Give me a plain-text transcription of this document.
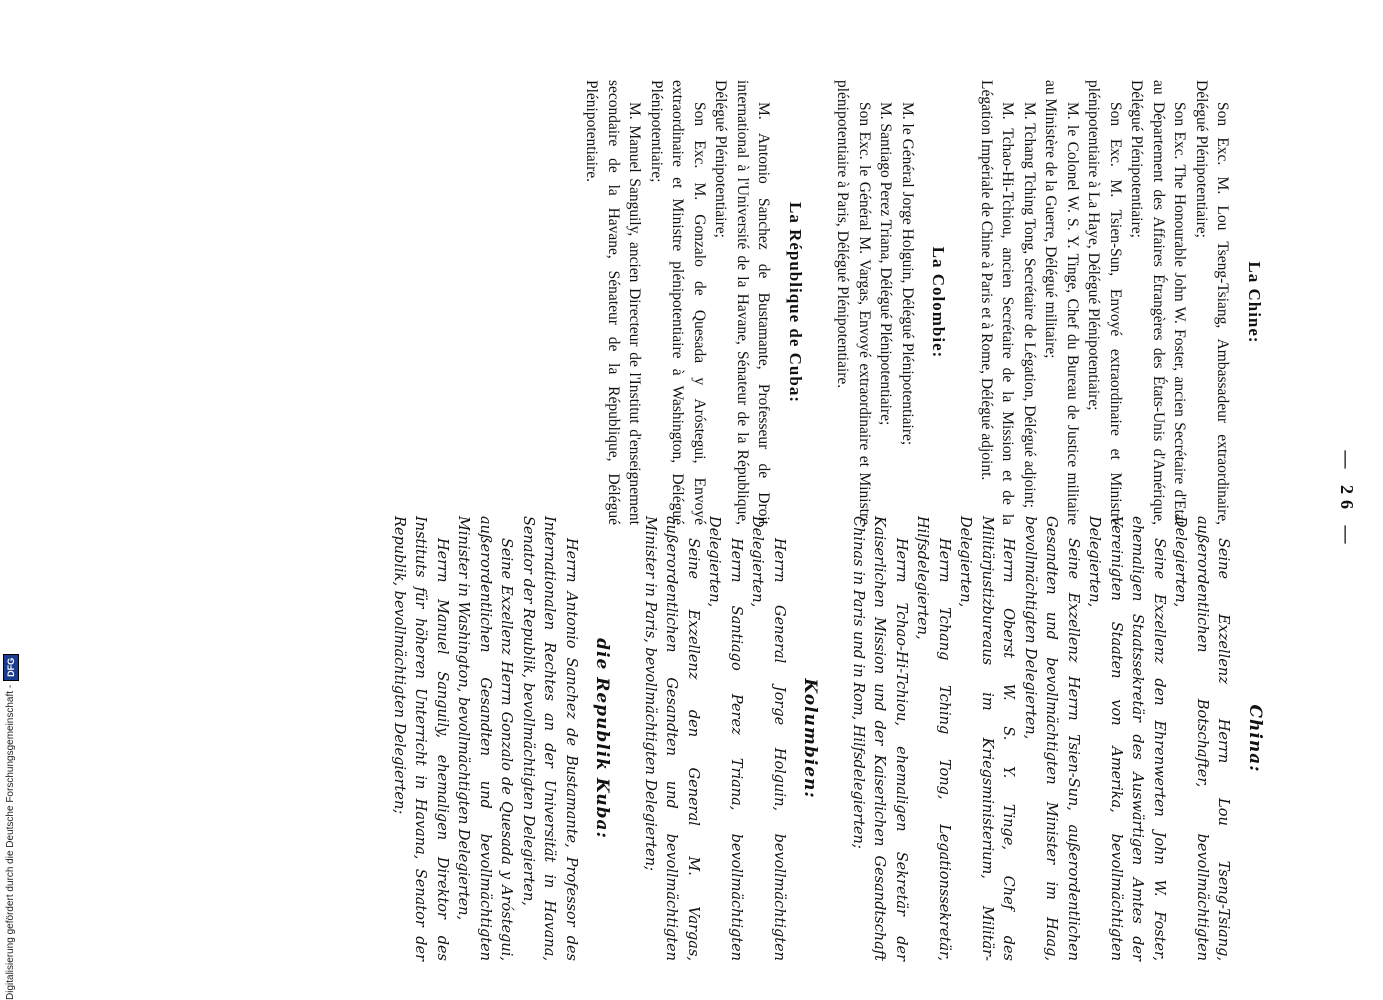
— 26 —
La Chine:

Son Exc. M. Lou Tseng-Tsiang, Ambassadeur extraordinaire, Délégué Plénipotentiaire;

Son Exc. The Honourable John W. Foster, ancien Secrétaire d'Etat au Département des Affaires Étrangères des États-Unis d'Amérique, Délégué Plénipotentiaire;

Son Exc. M. Tsien-Sun, Envoyé extraordinaire et Ministre plénipotentiaire à La Haye, Délégué Plénipotentiaire;

M. le Colonel W. S. Y. Tinge, Chef du Bureau de Justice militaire au Ministère de la Guerre, Délégué militaire;

M. Tchang Tching Tong, Secrétaire de Légation, Délégué adjoint;

M. Tchao-Hi-Tchiou, ancien Secrétaire de la Mission et de la Légation Impériale de Chine à Paris et à Rome, Délégué adjoint.

La Colombie:

M. le Général Jorge Holguin, Délégué Plénipotentiaire;

M. Santiago Perez Triana, Délégué Plénipotentiaire;

Son Exc. le Général M. Vargas, Envoyé extraordinaire et Ministre plénipotentiaire à Paris, Délégué Plénipotentiaire.

La République de Cuba:

M. Antonio Sanchez de Bustamante, Professeur de Droit international à l'Université de la Havane, Sénateur de la République, Délégué Plénipotentiaire;

Son Exc. M. Gonzalo de Quesada y Aróstegui, Envoyé extraordinaire et Ministre plénipotentiaire à Washington, Délégué Plénipotentiaire;

M. Manuel Sanguily, ancien Directeur de l'Institut d'enseignement secondaire de la Havane, Sénateur de la République, Délégué Plénipotentiaire.

China:

Seine Exzellenz Herrn Lou Tseng-Tsiang, außerordentlichen Botschafter, bevollmächtigten Delegierten,

Seine Exzellenz den Ehrenwerten John W. Foster, ehemaligen Staatssekretär des Auswärtigen Amtes der Vereinigten Staaten von Amerika, bevollmächtigten Delegierten,

Seine Exzellenz Herrn Tsien-Sun, außerordentlichen Gesandten und bevollmächtigten Minister im Haag, bevollmächtigten Delegierten,

Herrn Oberst W. S. Y. Tinge, Chef des Militärjustizbureaus im Kriegsministerium, Militär-Delegierten,

Herrn Tchang Tching Tong, Legationssekretär, Hilfsdelegierten,

Herrn Tchao-Hi-Tchiou, ehemaligen Sekretär der Kaiserlichen Mission und der Kaiserlichen Gesandtschaft Chinas in Paris und in Rom, Hilfsdelegierten;

Kolumbien:

Herrn General Jorge Holguin, bevollmächtigten Delegierten,

Herrn Santiago Perez Triana, bevollmächtigten Delegierten,

Seine Exzellenz den General M. Vargas, außerordentlichen Gesandten und bevollmächtigten Minister in Paris, bevollmächtigten Delegierten;

die Republik Kuba:

Herrn Antonio Sanchez de Bustamante, Professor des Internationalen Rechtes an der Universität in Havana, Senator der Republik, bevollmächtigten Delegierten,

Seine Exzellenz Herrn Gonzalo de Quesada y Aróstegui, außerordentlichen Gesandten und bevollmächtigten Minister in Washington, bevollmächtigten Delegierten,

Herrn Manuel Sanguily, ehemaligen Direktor des Instituts für höheren Unterricht in Havana, Senator der Republik, bevollmächtigten Delegierten;

Digitalisierung gefördert durch die Deutsche Forschungsgemeinschaft -
DFG
